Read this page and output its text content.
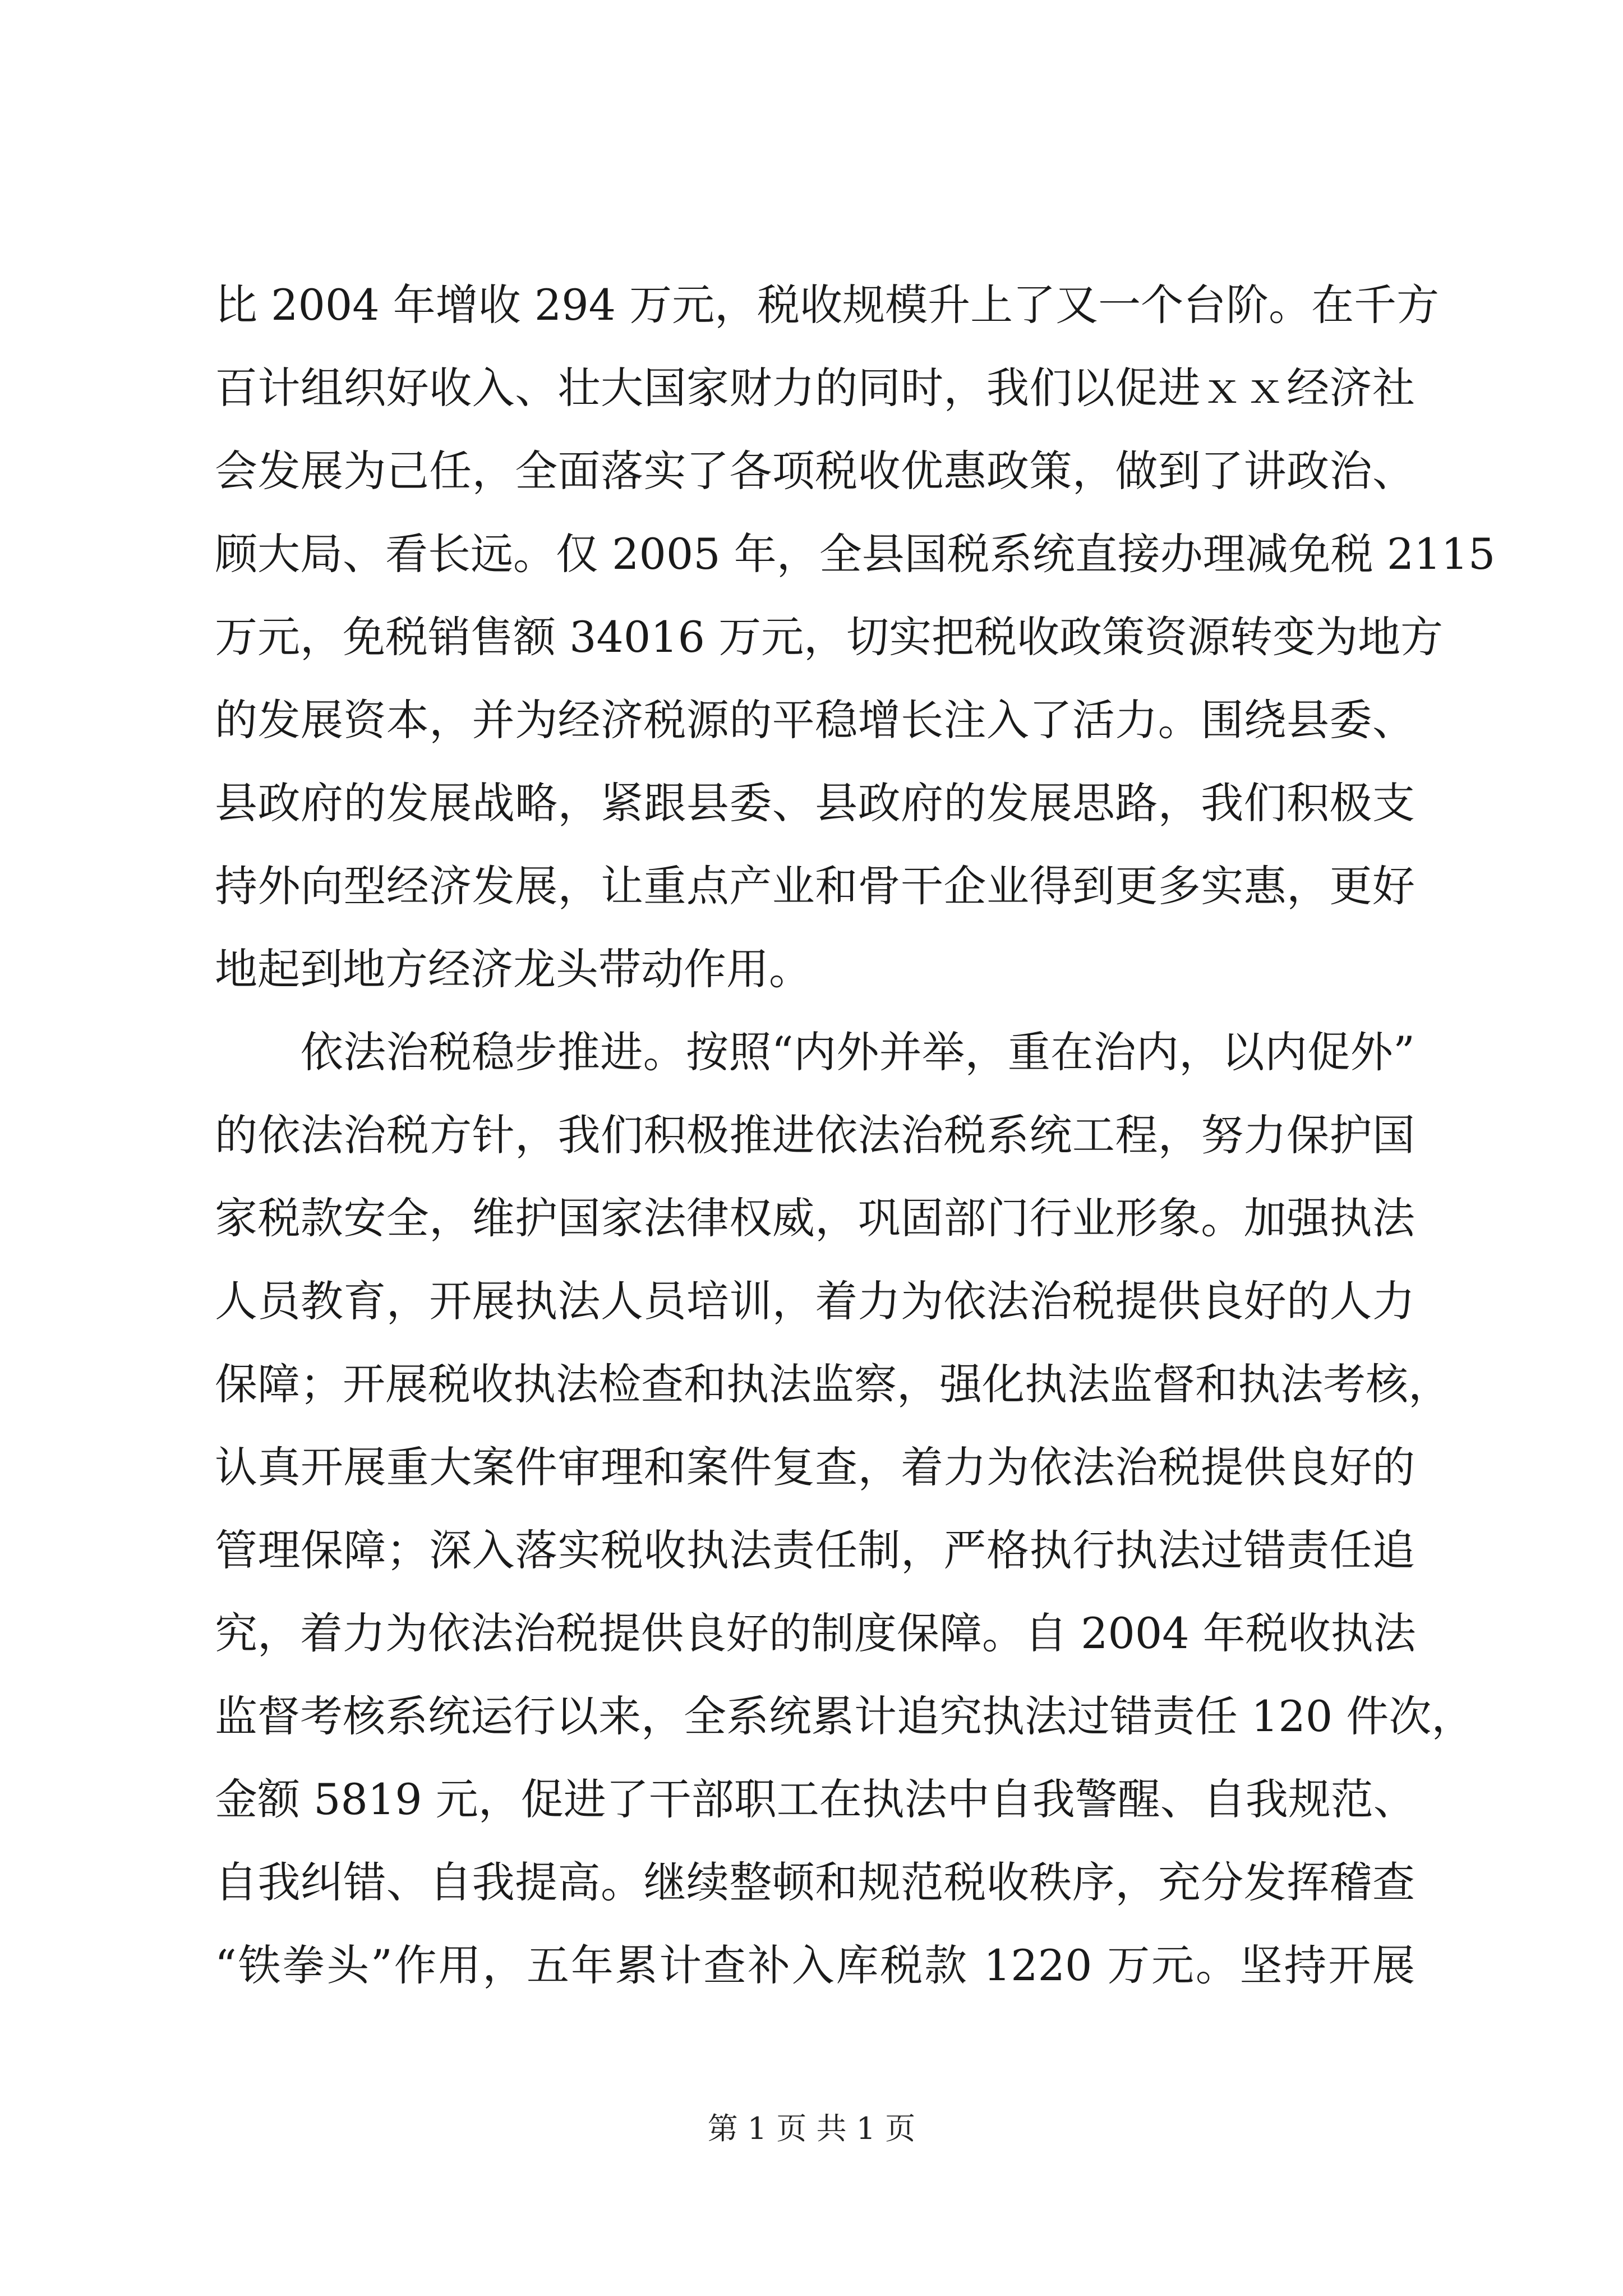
比 2004 年增收 294 万元，税收规模升上了又一个台阶。在千方
百计组织好收入、壮大国家财力的同时，我们以促进ｘｘ经济社
会发展为己任，全面落实了各项税收优惠政策，做到了讲政治、
顾大局、看长远。仅 2005 年，全县国税系统直接办理减免税 2115
万元，免税销售额 34016 万元，切实把税收政策资源转变为地方
的发展资本，并为经济税源的平稳增长注入了活力。围绕县委、
县政府的发展战略，紧跟县委、县政府的发展思路，我们积极支
持外向型经济发展，让重点产业和骨干企业得到更多实惠，更好
地起到地方经济龙头带动作用。
　　依法治税稳步推进。按照“内外并举，重在治内，以内促外”
的依法治税方针，我们积极推进依法治税系统工程，努力保护国
家税款安全，维护国家法律权威，巩固部门行业形象。加强执法
人员教育，开展执法人员培训，着力为依法治税提供良好的人力
保障；开展税收执法检查和执法监察，强化执法监督和执法考核，
认真开展重大案件审理和案件复查，着力为依法治税提供良好的
管理保障；深入落实税收执法责任制，严格执行执法过错责任追
究，着力为依法治税提供良好的制度保障。自 2004 年税收执法
监督考核系统运行以来，全系统累计追究执法过错责任 120 件次，
金额 5819 元，促进了干部职工在执法中自我警醒、自我规范、
自我纠错、自我提高。继续整顿和规范税收秩序，充分发挥稽查
“铁拳头”作用，五年累计查补入库税款 1220 万元。坚持开展
第 1 页 共 1 页
